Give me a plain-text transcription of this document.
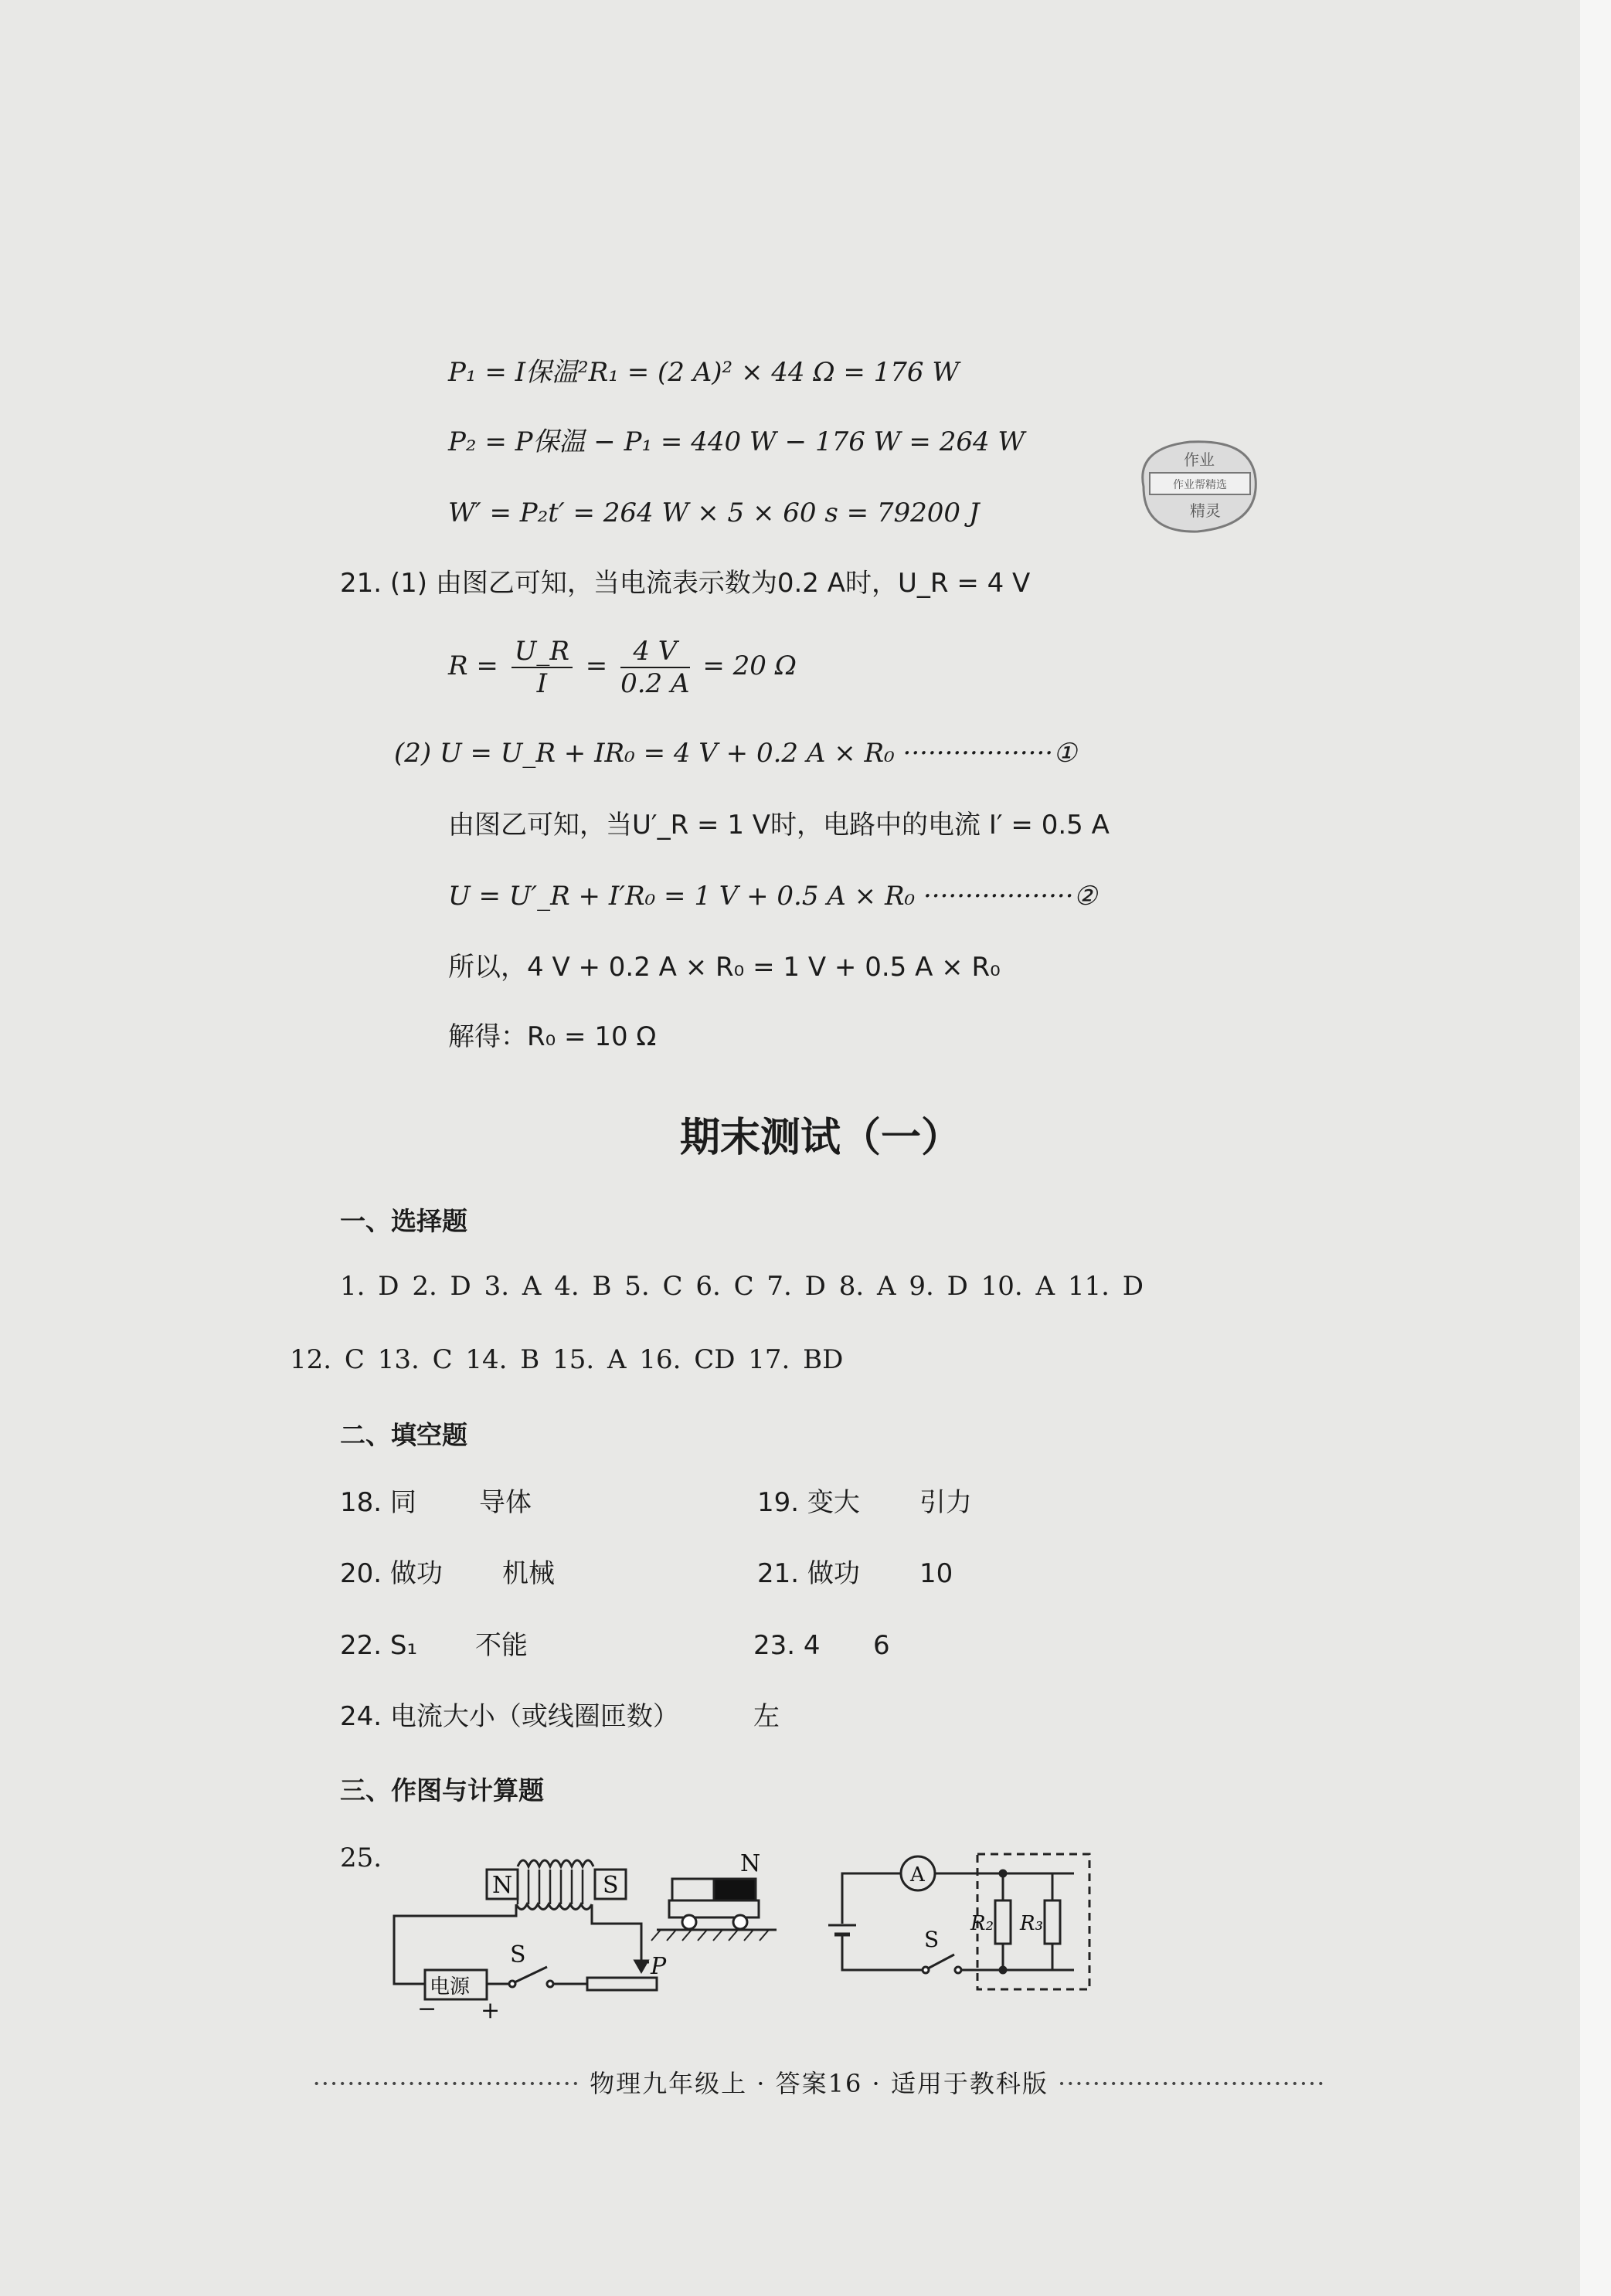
P₁ = I保温²R₁ = (2 A)² × 44 Ω = 176 W
P₂ = P保温 − P₁ = 440 W − 176 W = 264 W
W′ = P₂t′ = 264 W × 5 × 60 s = 79200 J
作业
作业帮精选
精灵
21. (1) 由图乙可知，当电流表示数为0.2 A时，U_R = 4 V
$R = \frac{U\_R}{I} = \frac{4 V}{0.2 A} = 20$ Ω
(2) U = U_R + IR₀ = 4 V + 0.2 A × R₀ ··················①
由图乙可知，当U′_R = 1 V时，电路中的电流 I′ = 0.5 A
U = U′_R + I′R₀ = 1 V + 0.5 A × R₀ ··················②
所以，4 V + 0.2 A × R₀ = 1 V + 0.5 A × R₀
解得：R₀ = 10 Ω
期末测试（一）
一、选择题
1. D 2. D 3. A 4. B 5. C 6. C 7. D 8. A 9. D 10. A 11. D
12. C 13. C 14. B 15. A 16. CD 17. BD
二、填空题
18. 同 导体	19. 变大 引力
20. 做功 机械	21. 做功 10
22. S₁ 不能	23. 4 6
24. 电流大小（或线圈匝数）	左
三、作图与计算题
25.
N	S
S	P
电源
− +
N	A
R₂ R₃
S
······························· 物理九年级上 · 答案16 · 适用于教科版 ·······························
